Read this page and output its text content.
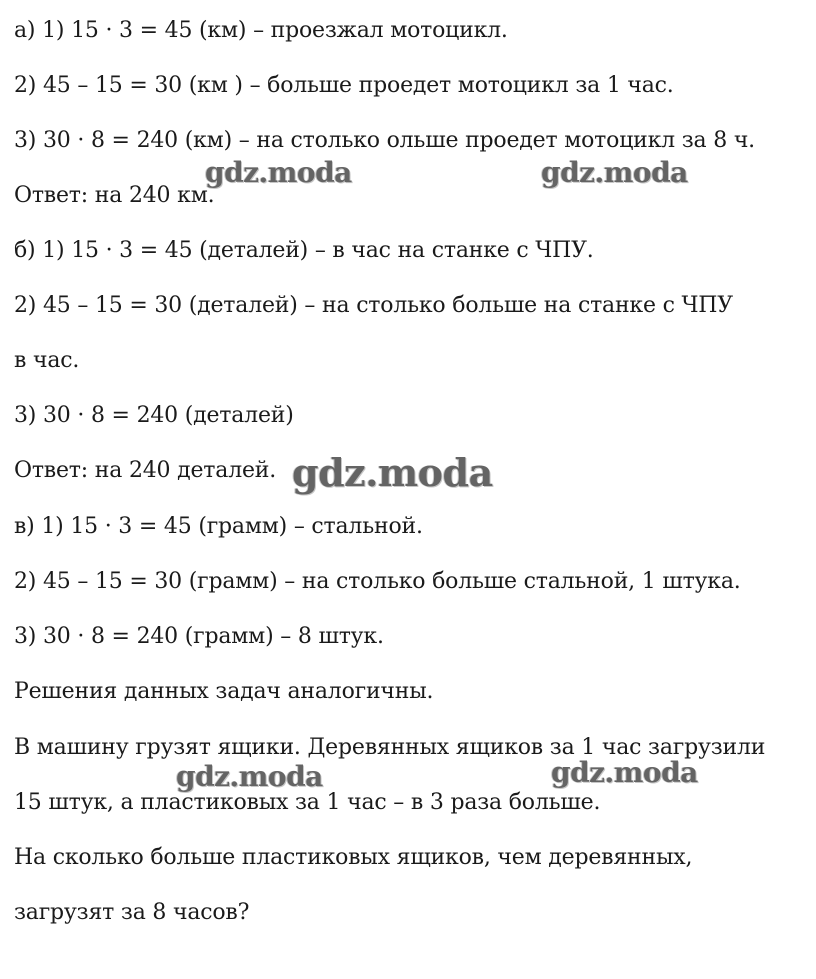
а) 1) 15 · 3 = 45 (км) – проезжал мотоцикл.
2) 45 – 15 = 30 (км ) – больше проедет мотоцикл за 1 час.
3) 30 · 8 = 240 (км) – на столько ольше проедет мотоцикл за 8 ч.
Ответ: на 240 км.
б) 1) 15 · 3 = 45 (деталей) – в час на станке с ЧПУ.
2) 45 – 15 = 30 (деталей) – на столько больше на станке с ЧПУ
в час.
3) 30 · 8 = 240 (деталей)
Ответ: на 240 деталей.
в) 1) 15 · 3 = 45 (грамм) – стальной.
2) 45 – 15 = 30 (грамм) – на столько больше стальной, 1 штука.
3) 30 · 8 = 240 (грамм) – 8 штук.
Решения данных задач аналогичны.
В машину грузят ящики. Деревянных ящиков за 1 час загрузили
15 штук, а пластиковых за 1 час – в 3 раза больше.
На сколько больше пластиковых ящиков, чем деревянных,
загрузят за 8 часов?
gdz.moda	gdz.moda
gdz.moda
gdz.moda	gdz.moda
